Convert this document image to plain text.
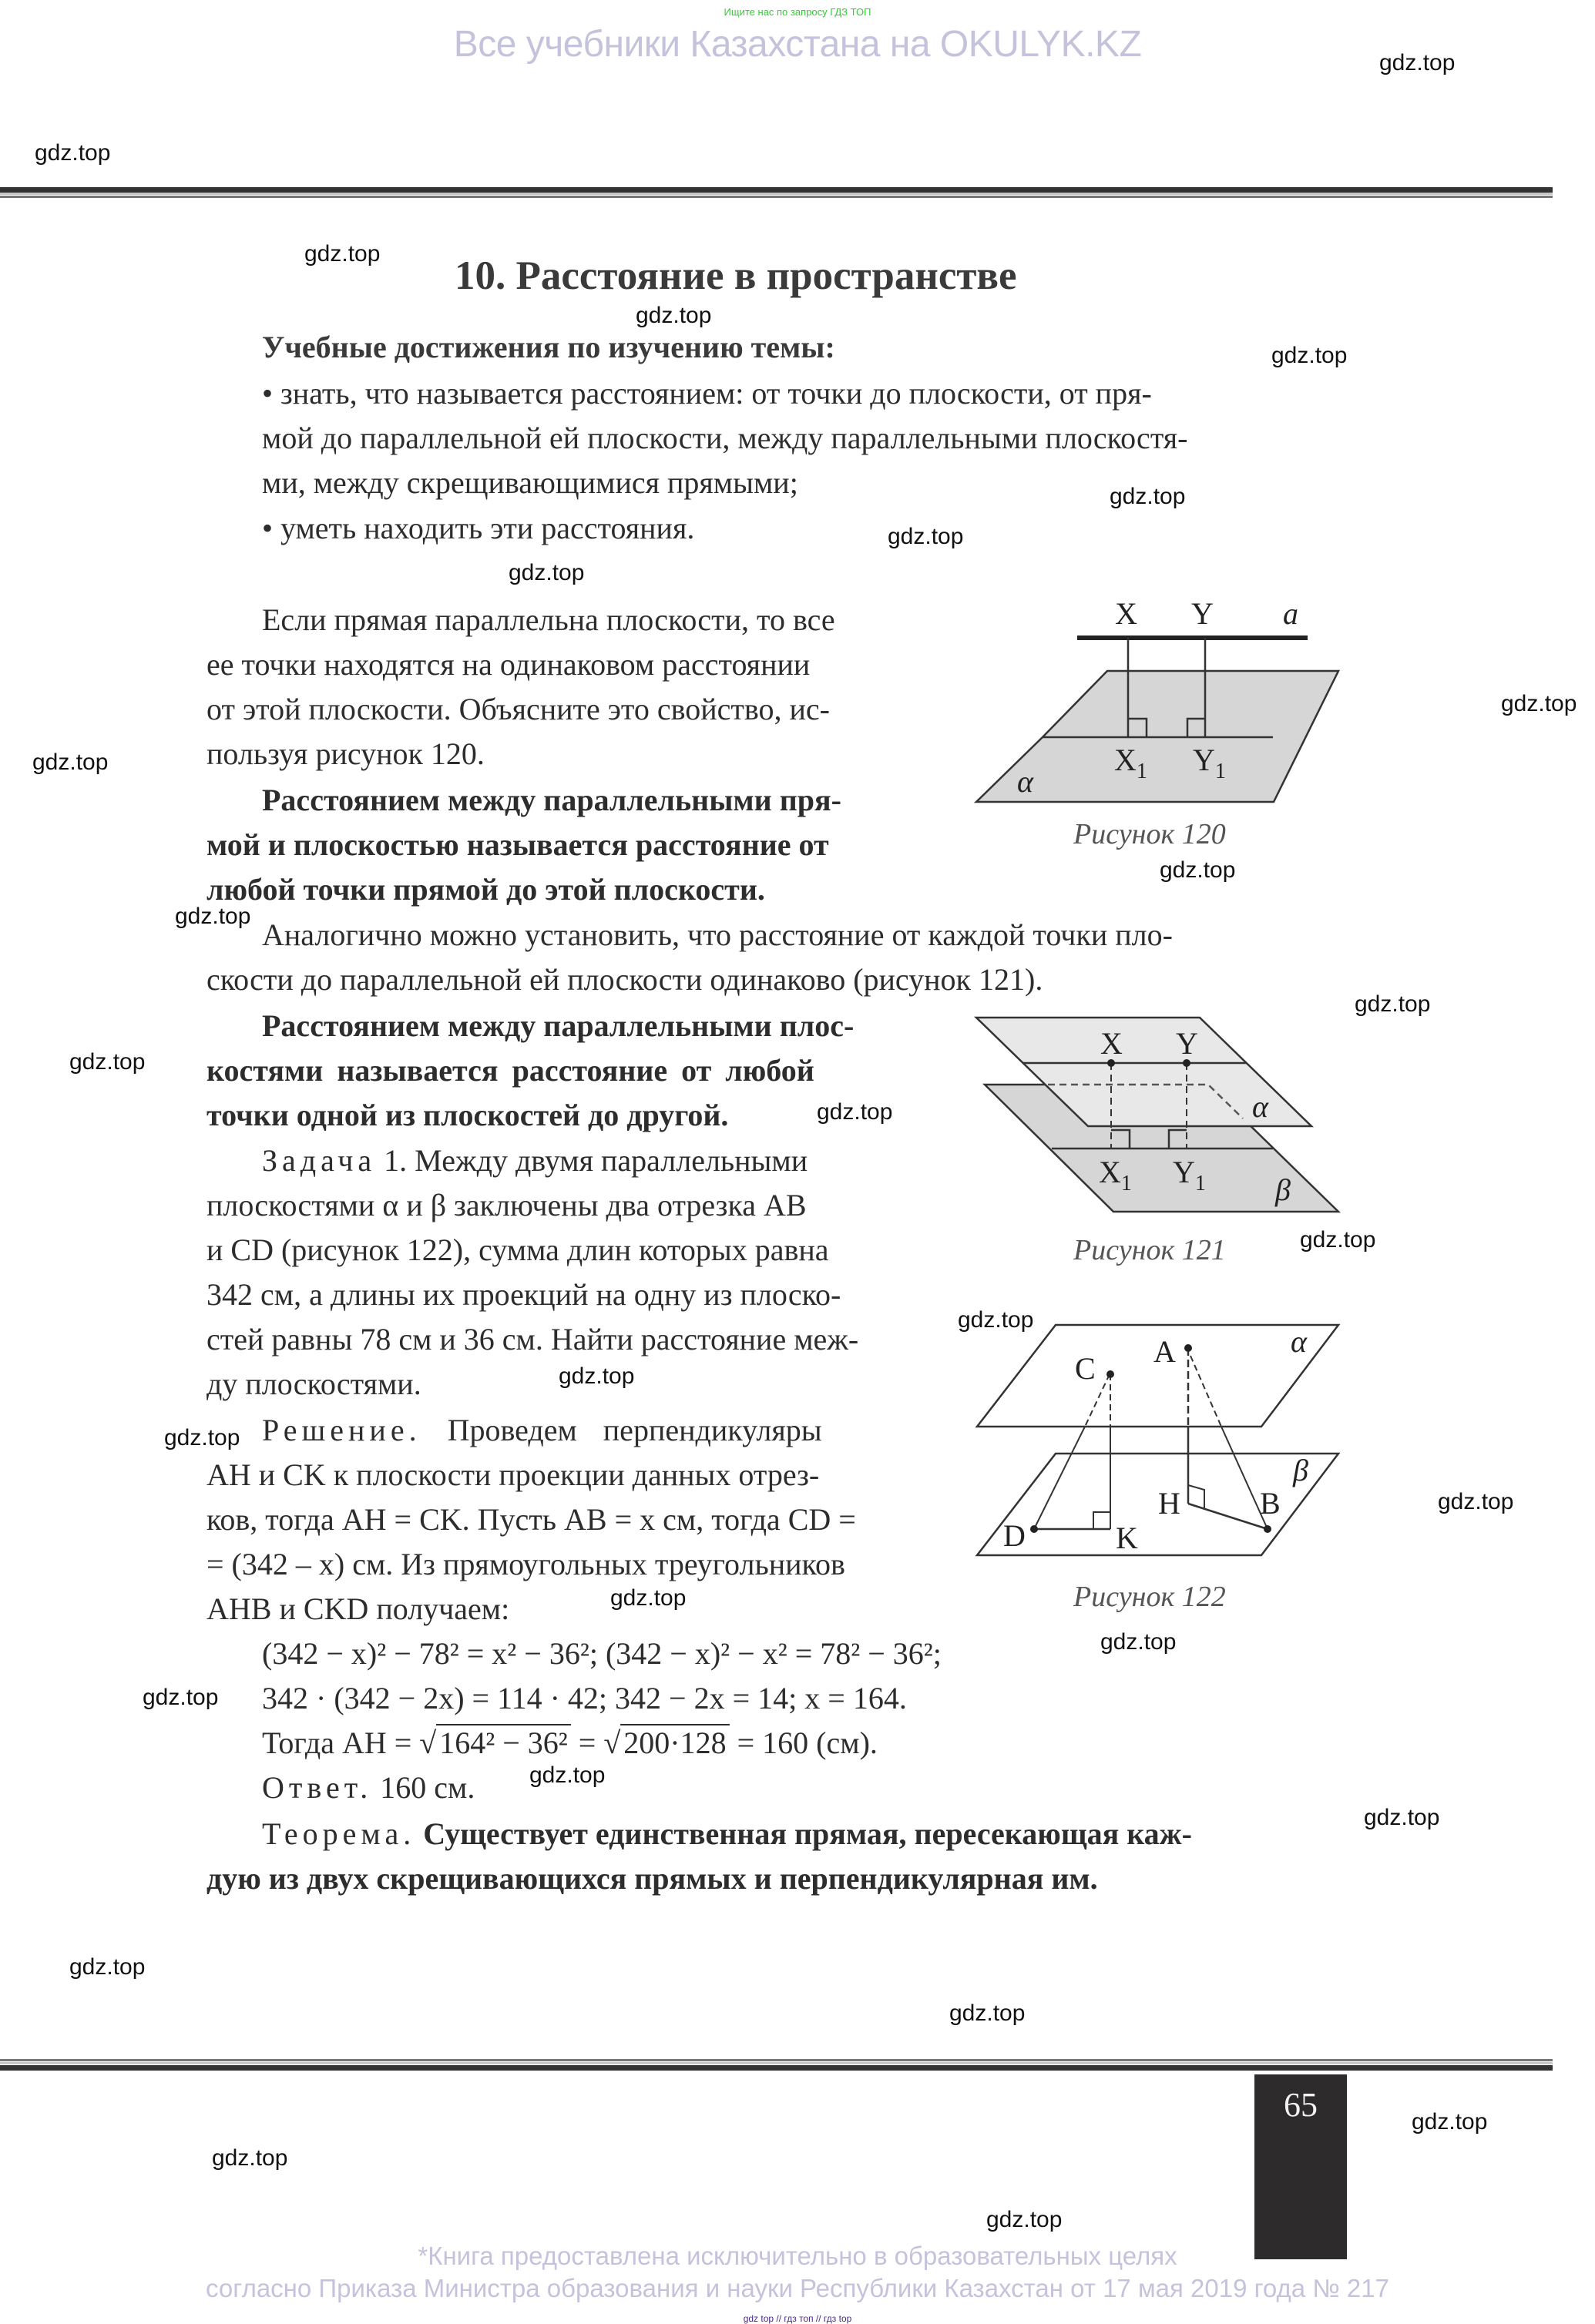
Ищите нас по запросу ГДЗ ТОП
Все учебники Казахстана на OKULYK.KZ	gdz.top
gdz.top
gdz.top
gdz.top
gdz.top
gdz.top
gdz.top
gdz.top
gdz.top
gdz.top
gdz.top
gdz.top
gdz.top
gdz.top
gdz.top
gdz.top
gdz.top
gdz.top
gdz.top
gdz.top
gdz.top
gdz.top
gdz.top
gdz.top
gdz.top
gdz.top
gdz.top
gdz.top
gdz.top
gdz.top
10. Расстояние в пространстве
Учебные достижения по изучению темы:
• знать, что называется расстоянием: от точки до плоскости, от пря-
мой до параллельной ей плоскости, между параллельными плоскостя-
ми, между скрещивающимися прямыми;
• уметь находить эти расстояния.
Если прямая параллельна плоскости, то все
ее точки находятся на одинаковом расстоянии
от этой плоскости. Объясните это свойство, ис-
пользуя рисунок 120.
Расстоянием между параллельными пря-
мой и плоскостью называется расстояние от
любой точки прямой до этой плоскости.
Аналогично можно установить, что расстояние от каждой точки пло-
скости до параллельной ей плоскости одинаково (рисунок 121).
Расстоянием между параллельными плос-
костями называется расстояние от любой
точки одной из плоскостей до другой.
Задача 1. Между двумя параллельными
плоскостями α и β заключены два отрезка AB
и CD (рисунок 122), сумма длин которых равна
342 см, а длины их проекций на одну из плоско-
стей равны 78 см и 36 см. Найти расстояние меж-
ду плоскостями.
Решение. Проведем перпендикуляры
AH и CK к плоскости проекции данных отрез-
ков, тогда AH = CK. Пусть AB = x см, тогда CD =
= (342 – x) см. Из прямоугольных треугольников
AHB и CKD получаем:
(342 − x)² − 78² = x² − 36²; (342 − x)² − x² = 78² − 36²;
342 · (342 − 2x) = 114 · 42; 342 − 2x = 14; x = 164.
Тогда AH = √ 164² − 36² = √ 200·128 = 160 (см).
Ответ. 160 см.
Теорема. Существует единственная прямая, пересекающая каж-
дую из двух скрещивающихся прямых и перпендикулярная им.
X Y a
$X_1$ $Y_1$
α
Рисунок 120
X Y
α
$X_1$ $Y_1$ β
Рисунок 121
A
C
α
H	B
β
D	K
Рисунок 122
65
*Книга предоставлена исключительно в образовательных целях
согласно Приказа Министра образования и науки Республики Казахстан от 17 мая 2019 года № 217
gdz top // гдз топ // гдз top
